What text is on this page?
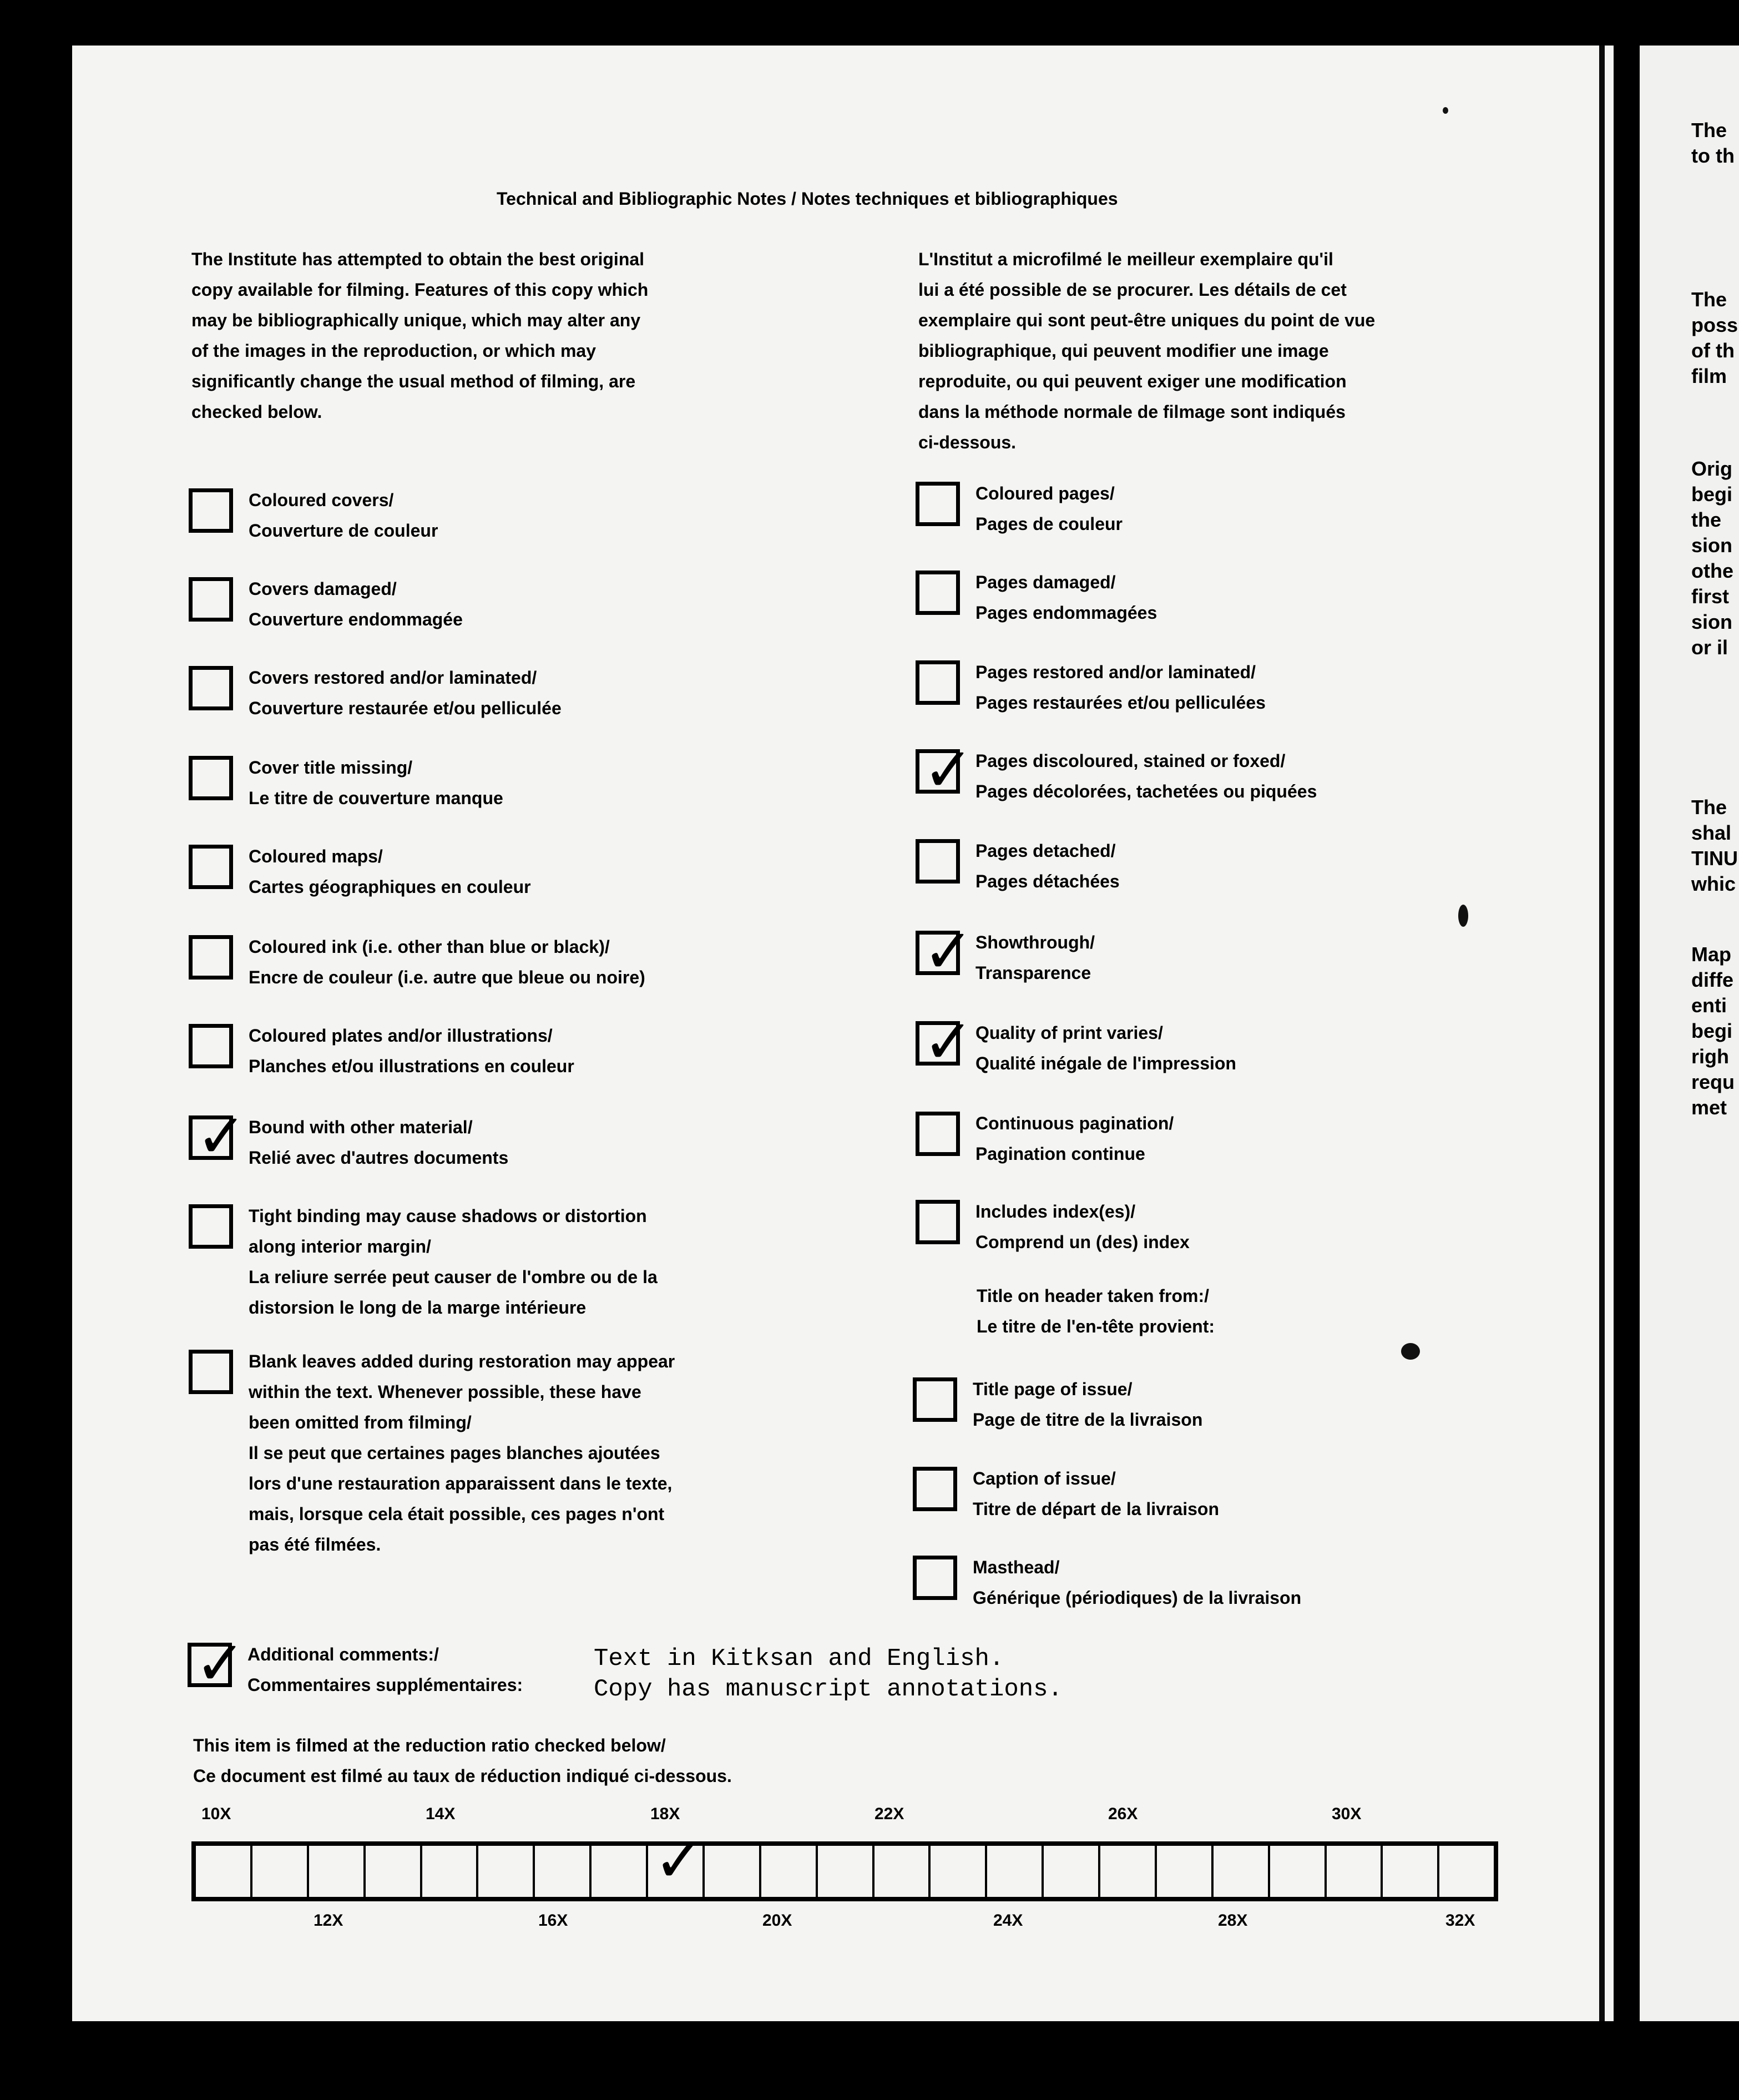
The
to th
The
poss
of th
film
Orig
begi
the
sion
othe
first
sion
or il
The
shal
TINU
whic
Map
diffe
enti
begi
righ
requ
met
Technical and Bibliographic Notes / Notes techniques et bibliographiques
The Institute has attempted to obtain the best original
copy available for filming. Features of this copy which
may be bibliographically unique, which may alter any
of the images in the reproduction, or which may
significantly change the usual method of filming, are
checked below.
L'Institut a microfilmé le meilleur exemplaire qu'il
lui a été possible de se procurer. Les détails de cet
exemplaire qui sont peut-être uniques du point de vue
bibliographique, qui peuvent modifier une image
reproduite, ou qui peuvent exiger une modification
dans la méthode normale de filmage sont indiqués
ci-dessous.
Coloured covers/
Couverture de couleur
Covers damaged/
Couverture endommagée
Covers restored and/or laminated/
Couverture restaurée et/ou pelliculée
Cover title missing/
Le titre de couverture manque
Coloured maps/
Cartes géographiques en couleur
Coloured ink (i.e. other than blue or black)/
Encre de couleur (i.e. autre que bleue ou noire)
Coloured plates and/or illustrations/
Planches et/ou illustrations en couleur
✓ Bound with other material/
Relié avec d'autres documents
Tight binding may cause shadows or distortion
along interior margin/
La reliure serrée peut causer de l'ombre ou de la
distorsion le long de la marge intérieure
Blank leaves added during restoration may appear
within the text. Whenever possible, these have
been omitted from filming/
Il se peut que certaines pages blanches ajoutées
lors d'une restauration apparaissent dans le texte,
mais, lorsque cela était possible, ces pages n'ont
pas été filmées.
Coloured pages/
Pages de couleur
Pages damaged/
Pages endommagées
Pages restored and/or laminated/
Pages restaurées et/ou pelliculées
✓ Pages discoloured, stained or foxed/
Pages décolorées, tachetées ou piquées
Pages detached/
Pages détachées
✓ Showthrough/
Transparence
✓ Quality of print varies/
Qualité inégale de l'impression
Continuous pagination/
Pagination continue
Includes index(es)/
Comprend un (des) index
Title on header taken from:/
Le titre de l'en-tête provient:
Title page of issue/
Page de titre de la livraison
Caption of issue/
Titre de départ de la livraison
Masthead/
Générique (périodiques) de la livraison
✓ Additional comments:/
Commentaires supplémentaires:
Text in Kitksan and English.
Copy has manuscript annotations.
This item is filmed at the reduction ratio checked below/
Ce document est filmé au taux de réduction indiqué ci-dessous.
10X	14X	18X	22X	26X	30X
✓
12X	16X	20X	24X	28X	32X
